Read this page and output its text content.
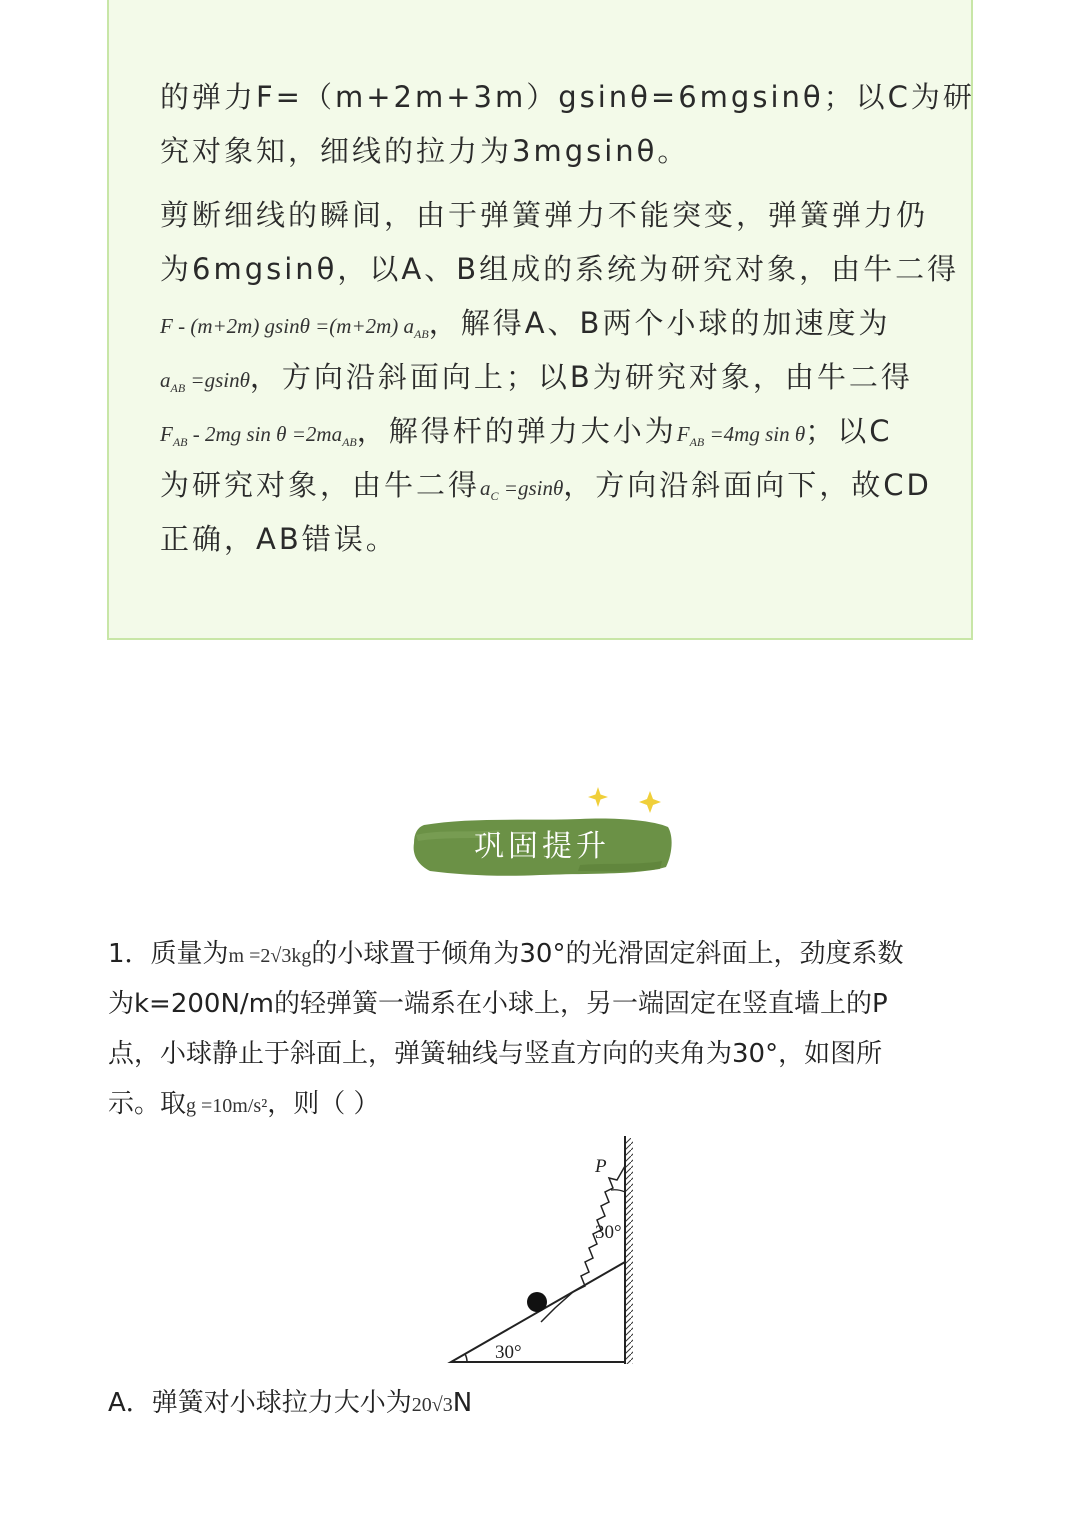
的弹力F=（m+2m+3m）gsinθ=6mgsinθ；以C为研
究对象知，细线的拉力为3mgsinθ。
剪断细线的瞬间，由于弹簧弹力不能突变，弹簧弹力仍
为6mgsinθ，以A、B组成的系统为研究对象，由牛二得
F - (m+2m) gsinθ =(m+2m) $a_{AB}$，解得A、B两个小球的加速度为
$a_{AB} =gsin\theta$，方向沿斜面向上；以B为研究对象，由牛二得
$F_{AB} - 2mg$ $\sin \theta =2ma_{AB}$，解得杆的弹力大小为$F_{AB} =4mg$ sin θ；以C
为研究对象，由牛二得$a_C =gsin\theta$，方向沿斜面向下，故CD
正确，AB错误。
巩固提升
1．质量为m =2√3kg的小球置于倾角为30°的光滑固定斜面上，劲度系数
为k=200N/m的轻弹簧一端系在小球上，另一端固定在竖直墙上的P
点，小球静止于斜面上，弹簧轴线与竖直方向的夹角为30°，如图所
示。取g =10m/s²，则（ ）
30°
30°
P
A．弹簧对小球拉力大小为20√3N
